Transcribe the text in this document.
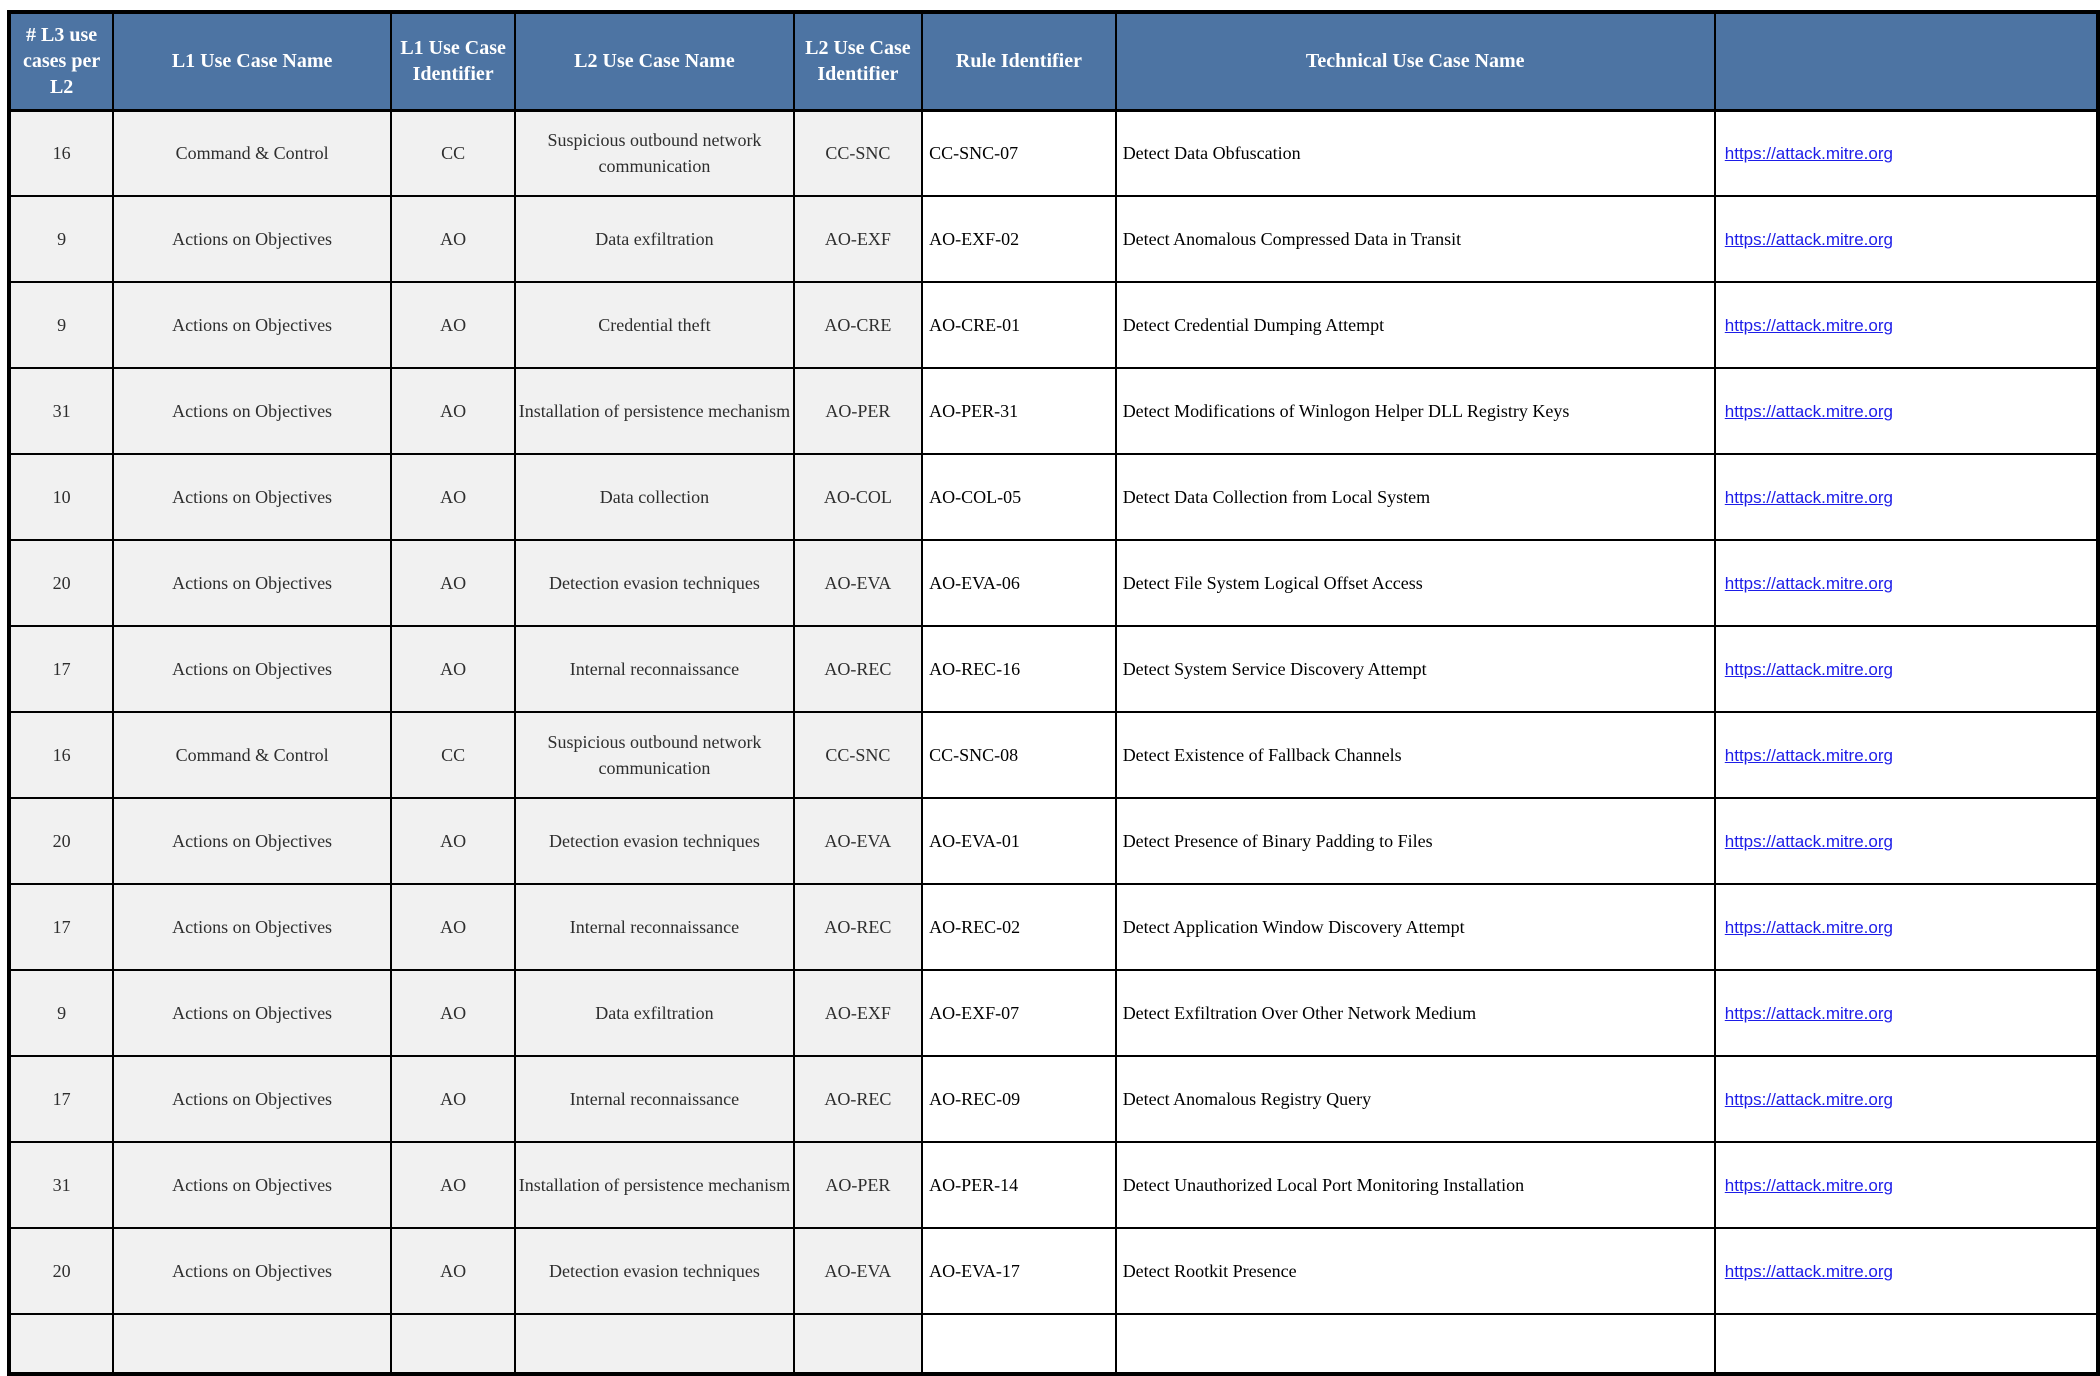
# L3 use cases per L2	L1 Use Case Name	L1 Use Case Identifier	L2 Use Case Name	L2 Use Case Identifier	Rule Identifier	Technical Use Case Name	
16	Command & Control	CC	Suspicious outbound network communication	CC-SNC	CC-SNC-07	Detect Data Obfuscation	https://attack.mitre.org
9	Actions on Objectives	AO	Data exfiltration	AO-EXF	AO-EXF-02	Detect Anomalous Compressed Data in Transit	https://attack.mitre.org
9	Actions on Objectives	AO	Credential theft	AO-CRE	AO-CRE-01	Detect Credential Dumping Attempt	https://attack.mitre.org
31	Actions on Objectives	AO	Installation of persistence mechanism	AO-PER	AO-PER-31	Detect Modifications of Winlogon Helper DLL Registry Keys	https://attack.mitre.org
10	Actions on Objectives	AO	Data collection	AO-COL	AO-COL-05	Detect Data Collection from Local System	https://attack.mitre.org
20	Actions on Objectives	AO	Detection evasion techniques	AO-EVA	AO-EVA-06	Detect File System Logical Offset Access	https://attack.mitre.org
17	Actions on Objectives	AO	Internal reconnaissance	AO-REC	AO-REC-16	Detect System Service Discovery Attempt	https://attack.mitre.org
16	Command & Control	CC	Suspicious outbound network communication	CC-SNC	CC-SNC-08	Detect Existence of Fallback Channels	https://attack.mitre.org
20	Actions on Objectives	AO	Detection evasion techniques	AO-EVA	AO-EVA-01	Detect Presence of Binary Padding to Files	https://attack.mitre.org
17	Actions on Objectives	AO	Internal reconnaissance	AO-REC	AO-REC-02	Detect Application Window Discovery Attempt	https://attack.mitre.org
9	Actions on Objectives	AO	Data exfiltration	AO-EXF	AO-EXF-07	Detect Exfiltration Over Other Network Medium	https://attack.mitre.org
17	Actions on Objectives	AO	Internal reconnaissance	AO-REC	AO-REC-09	Detect Anomalous Registry Query	https://attack.mitre.org
31	Actions on Objectives	AO	Installation of persistence mechanism	AO-PER	AO-PER-14	Detect Unauthorized Local Port Monitoring Installation	https://attack.mitre.org
20	Actions on Objectives	AO	Detection evasion techniques	AO-EVA	AO-EVA-17	Detect Rootkit Presence	https://attack.mitre.org
